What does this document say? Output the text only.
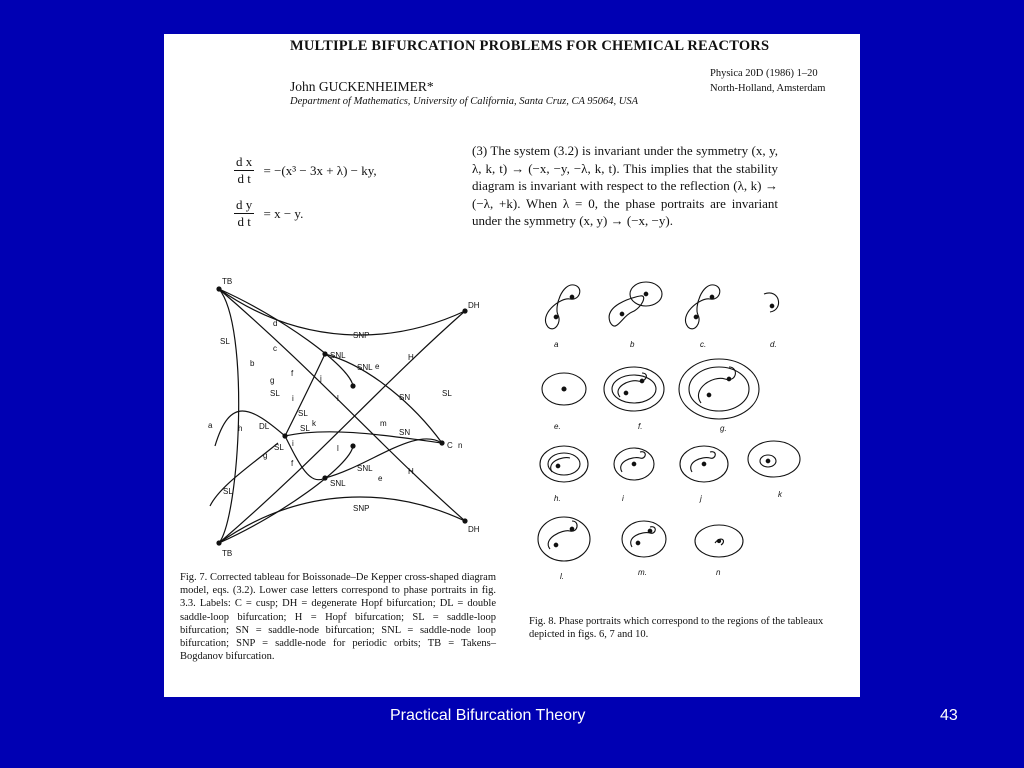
MULTIPLE BIFURCATION PROBLEMS FOR CHEMICAL REACTORS
John GUCKENHEIMER*
Department of Mathematics, University of California, Santa Cruz, CA 95064, USA
Physica 20D (1986) 1–20
North-Holland, Amsterdam
$\frac{\text{d x}}{\text{d t}} = -(x^3 - 3x + \lambda)$ − ky,
$\frac{\text{d y}}{\text{d t}} = x - y$.
(3) The system (3.2) is invariant under the symmetry (x, y, λ, k, t) → (−x, −y, −λ, k, t). This implies that the stability diagram is invariant with respect to the reflection (λ, k) → (−λ, +k). When λ = 0, the phase portraits are invariant under the symmetry (x, y) → (−x, −y).
TB
TB
DH
DH
C n
SNP
SNP
SNL
SNL
SNL
SNL
SL
SL
SL
SL
SL
SL
SL
H
H
SN
SN
DL
a
b
c
d
e
e
f
f
g
g
h
i
i
j
k
l
l
m
a	b	c.	d.
e.	f.	g.
h.	i	j	k
l.	m.	n
Fig. 7. Corrected tableau for Boissonade–De Kepper cross-shaped diagram model, eqs. (3.2). Lower case letters correspond to phase portraits in fig. 3.3. Labels: C = cusp; DH = degenerate Hopf bifurcation; DL = double saddle-loop bifurcation; H = Hopf bifurcation; SL = saddle-loop bifurcation; SN = saddle-node bifurcation; SNL = saddle-node loop bifurcation; SNP = saddle-node for periodic orbits; TB = Takens–Bogdanov bifurcation.
Fig. 8. Phase portraits which correspond to the regions of the tableaux depicted in figs. 6, 7 and 10.
Practical Bifurcation Theory	43
